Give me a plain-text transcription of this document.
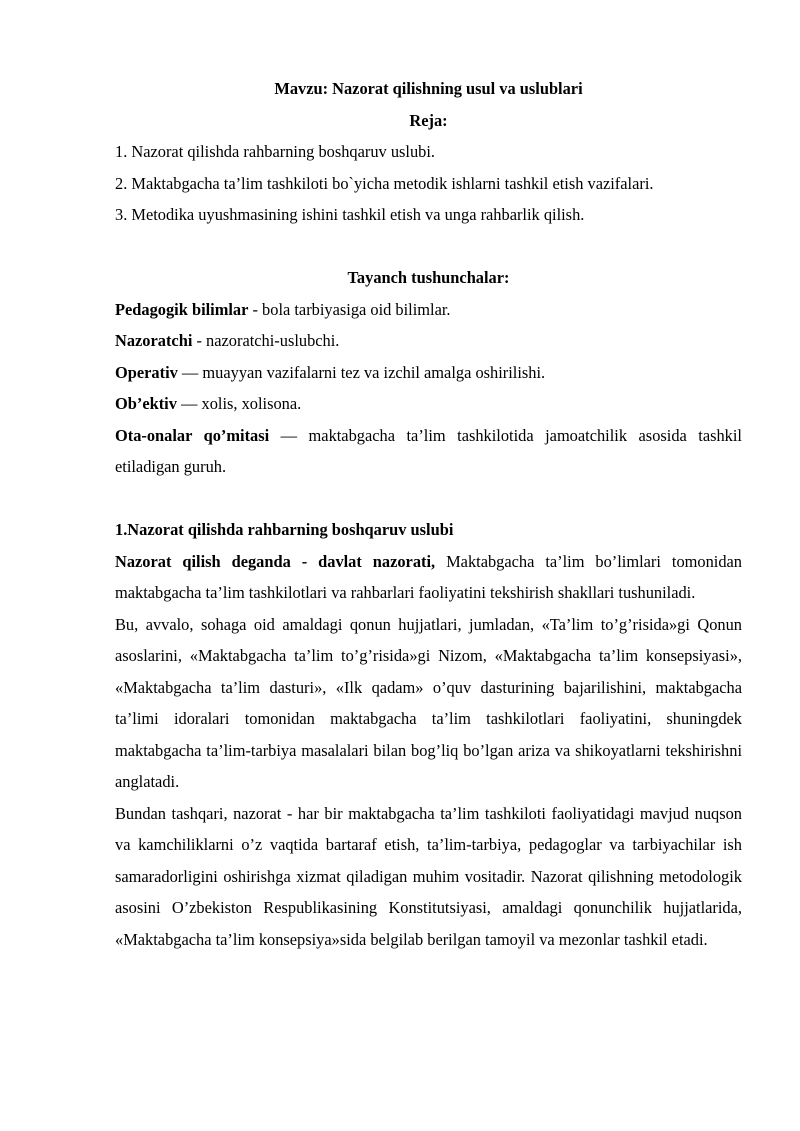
Mavzu: Nazorat qilishning usul va uslublari
Reja:
1. Nazorat qilishda rahbarning boshqaruv uslubi.
2. Maktabgacha ta’lim tashkiloti bo`yicha metodik ishlarni tashkil etish vazifalari.
3. Metodika uyushmasining ishini tashkil etish va unga rahbarlik qilish.
Tayanch tushunchalar:
Pedagogik bilimlar - bola tarbiyasiga oid bilimlar.
Nazoratchi - nazoratchi-uslubchi.
Operativ — muayyan vazifalarni tez va izchil amalga oshirilishi.
Ob’ektiv — xolis, xolisona.
Ota-onalar qo’mitasi — maktabgacha ta’lim tashkilotida jamoatchilik asosida tashkil etiladigan guruh.
1.Nazorat qilishda rahbarning boshqaruv uslubi
Nazorat qilish deganda - davlat nazorati, Maktabgacha ta’lim bo’limlari tomonidan maktabgacha ta’lim tashkilotlari va rahbarlari faoliyatini tekshirish shakllari tushuniladi.
Bu, avvalo, sohaga oid amaldagi qonun hujjatlari, jumladan, «Ta’lim to’g’risida»gi Qonun asoslarini, «Maktabgacha ta’lim to’g’risida»gi Nizom, «Maktabgacha ta’lim konsepsiyasi», «Maktabgacha ta’lim dasturi», «Ilk qadam» o’quv dasturining bajarilishini, maktabgacha ta’limi idoralari tomonidan maktabgacha ta’lim tashkilotlari faoliyatini, shuningdek maktabgacha ta’lim-tarbiya masalalari bilan bog’liq bo’lgan ariza va shikoyatlarni tekshirishni anglatadi.
Bundan tashqari, nazorat - har bir maktabgacha ta’lim tashkiloti faoliyatidagi mavjud nuqson va kamchiliklarni o’z vaqtida bartaraf etish, ta’lim-tarbiya, pedagoglar va tarbiyachilar ish samaradorligini oshirishga xizmat qiladigan muhim vositadir. Nazorat qilishning metodologik asosini O’zbekiston Respublikasining Konstitutsiyasi, amaldagi qonunchilik hujjatlarida, «Maktabgacha ta’lim konsepsiya»sida belgilab berilgan tamoyil va mezonlar tashkil etadi.
